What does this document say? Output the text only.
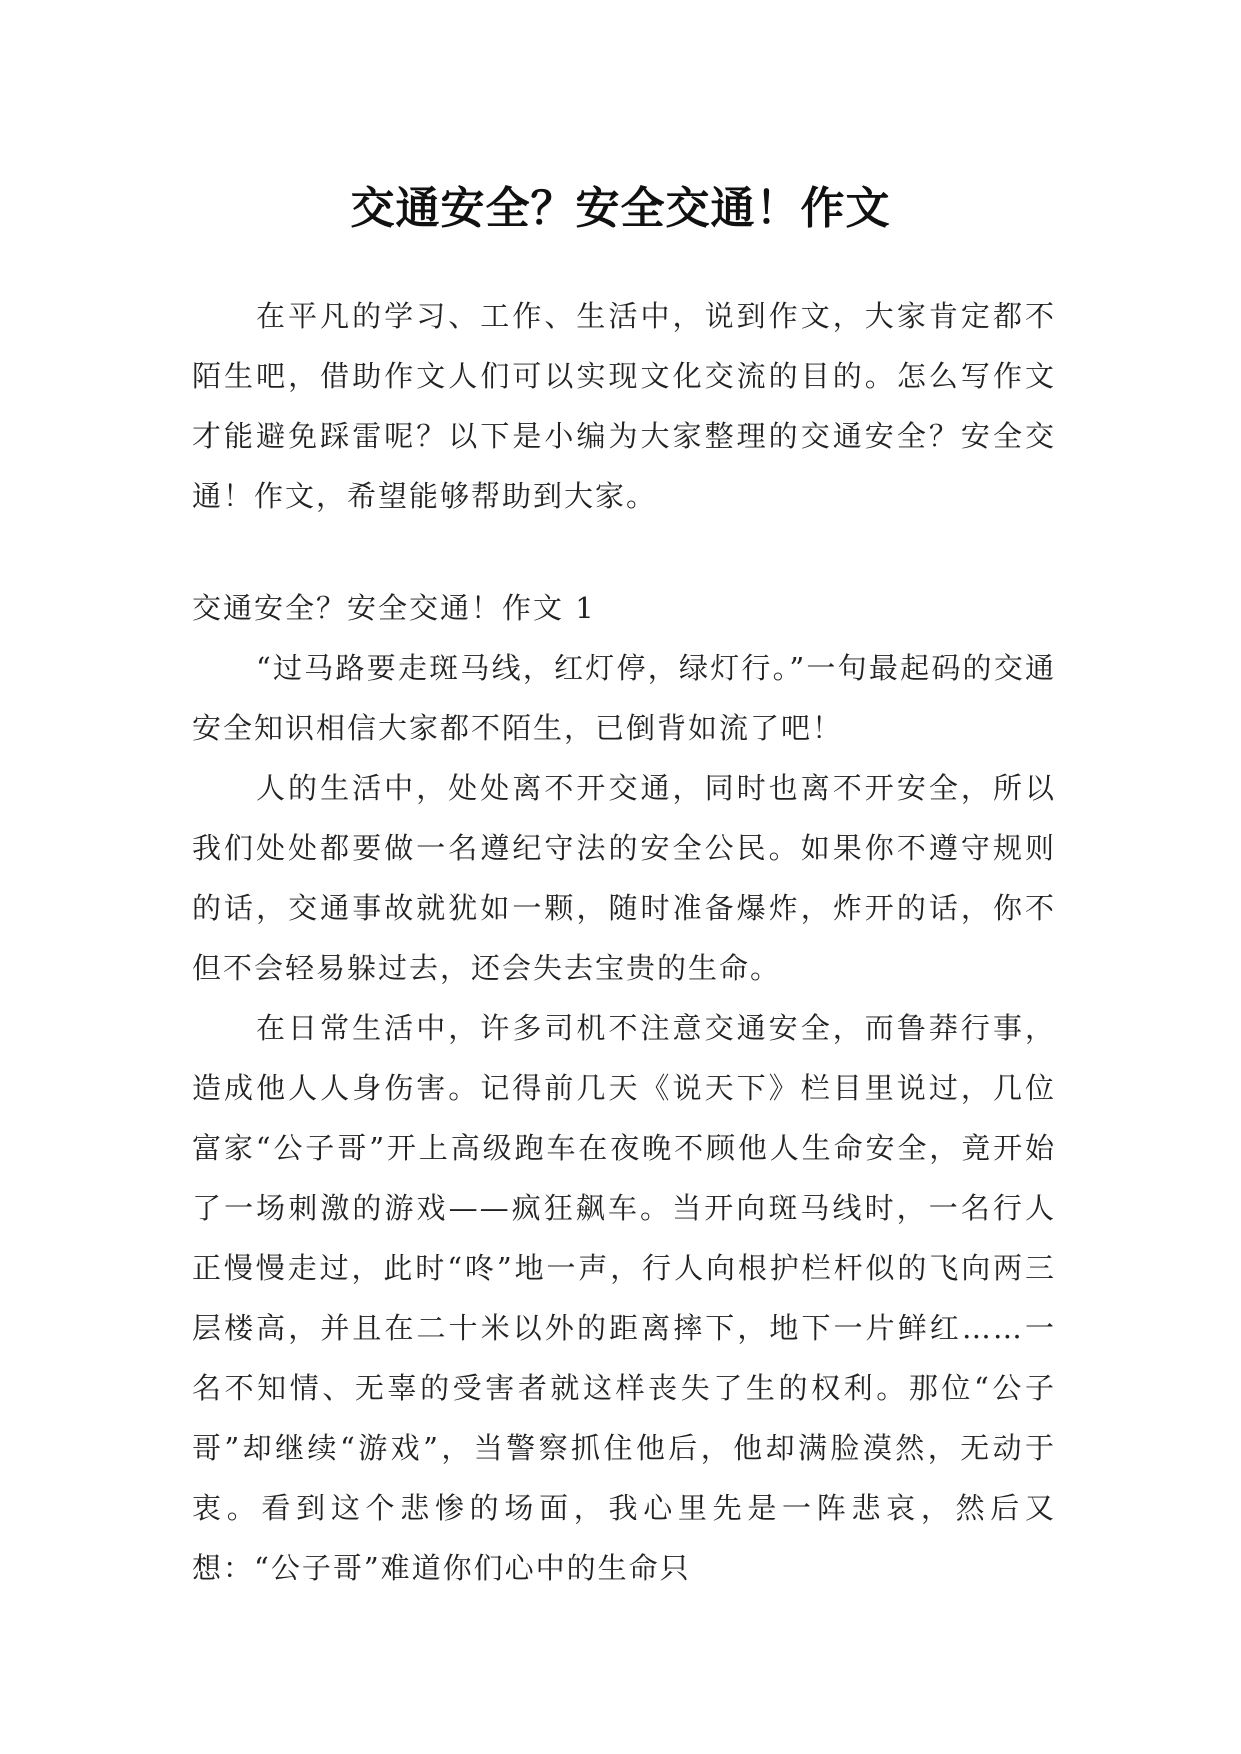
交通安全？安全交通！作文

在平凡的学习、工作、生活中，说到作文，大家肯定都不陌生吧，借助作文人们可以实现文化交流的目的。怎么写作文才能避免踩雷呢？以下是小编为大家整理的交通安全？安全交通！作文，希望能够帮助到大家。

交通安全？安全交通！作文 1

“过马路要走斑马线，红灯停，绿灯行。”一句最起码的交通安全知识相信大家都不陌生，已倒背如流了吧！

人的生活中，处处离不开交通，同时也离不开安全，所以我们处处都要做一名遵纪守法的安全公民。如果你不遵守规则的话，交通事故就犹如一颗，随时准备爆炸，炸开的话，你不但不会轻易躲过去，还会失去宝贵的生命。

在日常生活中，许多司机不注意交通安全，而鲁莽行事，造成他人人身伤害。记得前几天《说天下》栏目里说过，几位富家“公子哥”开上高级跑车在夜晚不顾他人生命安全，竟开始了一场刺激的游戏——疯狂飙车。当开向斑马线时，一名行人正慢慢走过，此时“咚”地一声，行人向根护栏杆似的飞向两三层楼高，并且在二十米以外的距离摔下，地下一片鲜红……一名不知情、无辜的受害者就这样丧失了生的权利。那位“公子哥”却继续“游戏”，当警察抓住他后，他却满脸漠然，无动于衷。看到这个悲惨的场面，我心里先是一阵悲哀，然后又想：“公子哥”难道你们心中的生命只
